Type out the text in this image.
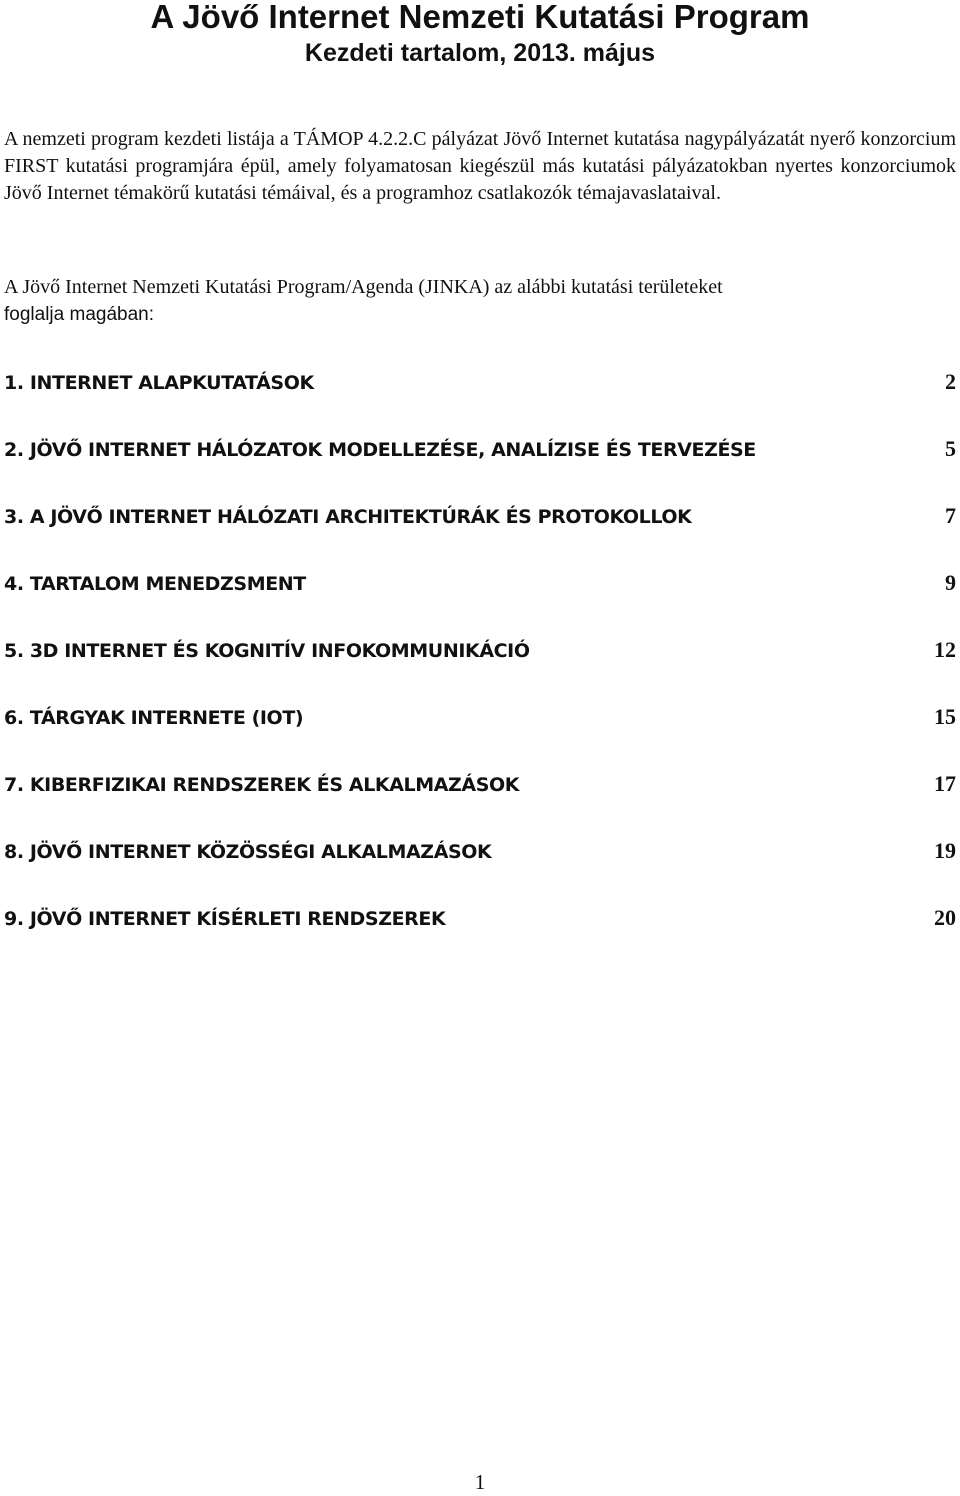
A Jövő Internet Nemzeti Kutatási Program
Kezdeti tartalom, 2013. május

A nemzeti program kezdeti listája a TÁMOP 4.2.2.C pályázat Jövő Internet kutatása nagypályázatát nyerő konzorcium FIRST kutatási programjára épül, amely folyamatosan kiegészül más kutatási pályázatokban nyertes konzorciumok Jövő Internet témakörű kutatási témáival, és a programhoz csatlakozók témajavaslataival.

A Jövő Internet Nemzeti Kutatási Program/Agenda (JINKA) az alábbi kutatási területeket
foglalja magában:

1. INTERNET ALAPKUTATÁSOK	2
2. JÖVŐ INTERNET HÁLÓZATOK MODELLEZÉSE, ANALÍZISE ÉS TERVEZÉSE	5
3. A JÖVŐ INTERNET HÁLÓZATI ARCHITEKTÚRÁK ÉS PROTOKOLLOK	7
4. TARTALOM MENEDZSMENT	9
5. 3D INTERNET ÉS KOGNITÍV INFOKOMMUNIKÁCIÓ	12
6. TÁRGYAK INTERNETE (IOT)	15
7. KIBERFIZIKAI RENDSZEREK ÉS ALKALMAZÁSOK	17
8. JÖVŐ INTERNET KÖZÖSSÉGI ALKALMAZÁSOK	19
9. JÖVŐ INTERNET KÍSÉRLETI RENDSZEREK	20

1
